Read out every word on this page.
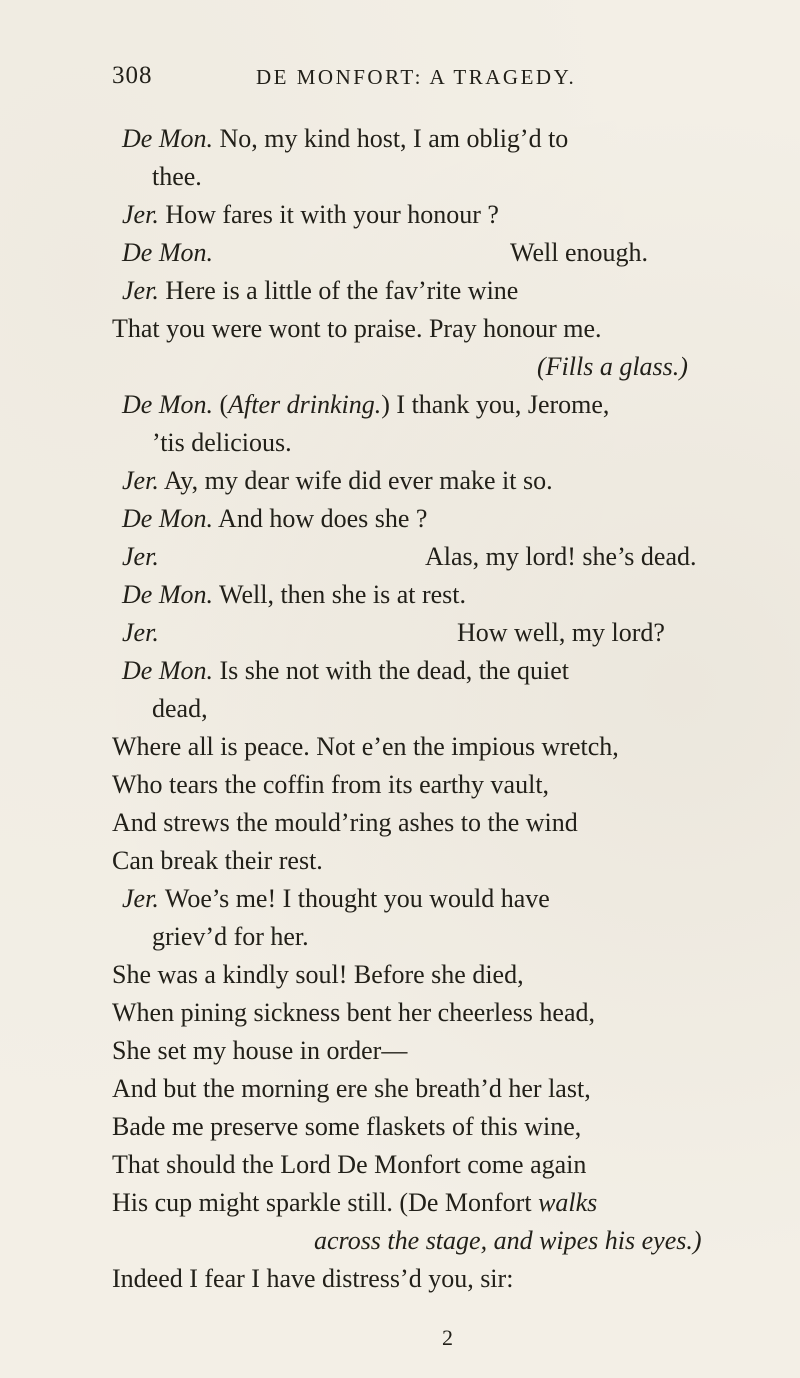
308	DE MONFORT: A TRAGEDY.
De Mon. No, my kind host, I am oblig’d to
thee.
Jer. How fares it with your honour ?
De Mon.	Well enough.
Jer. Here is a little of the fav’rite wine
That you were wont to praise. Pray honour me.
(Fills a glass.)
De Mon. (After drinking.) I thank you, Jerome,
’tis delicious.
Jer. Ay, my dear wife did ever make it so.
De Mon. And how does she ?
Jer.	Alas, my lord! she’s dead.
De Mon. Well, then she is at rest.
Jer.	How well, my lord?
De Mon. Is she not with the dead, the quiet
dead,
Where all is peace. Not e’en the impious wretch,
Who tears the coffin from its earthy vault,
And strews the mould’ring ashes to the wind
Can break their rest.
Jer. Woe’s me! I thought you would have
griev’d for her.
She was a kindly soul! Before she died,
When pining sickness bent her cheerless head,
She set my house in order—
And but the morning ere she breath’d her last,
Bade me preserve some flaskets of this wine,
That should the Lord De Monfort come again
His cup might sparkle still. (De Monfort walks
across the stage, and wipes his eyes.)
Indeed I fear I have distress’d you, sir:
2
